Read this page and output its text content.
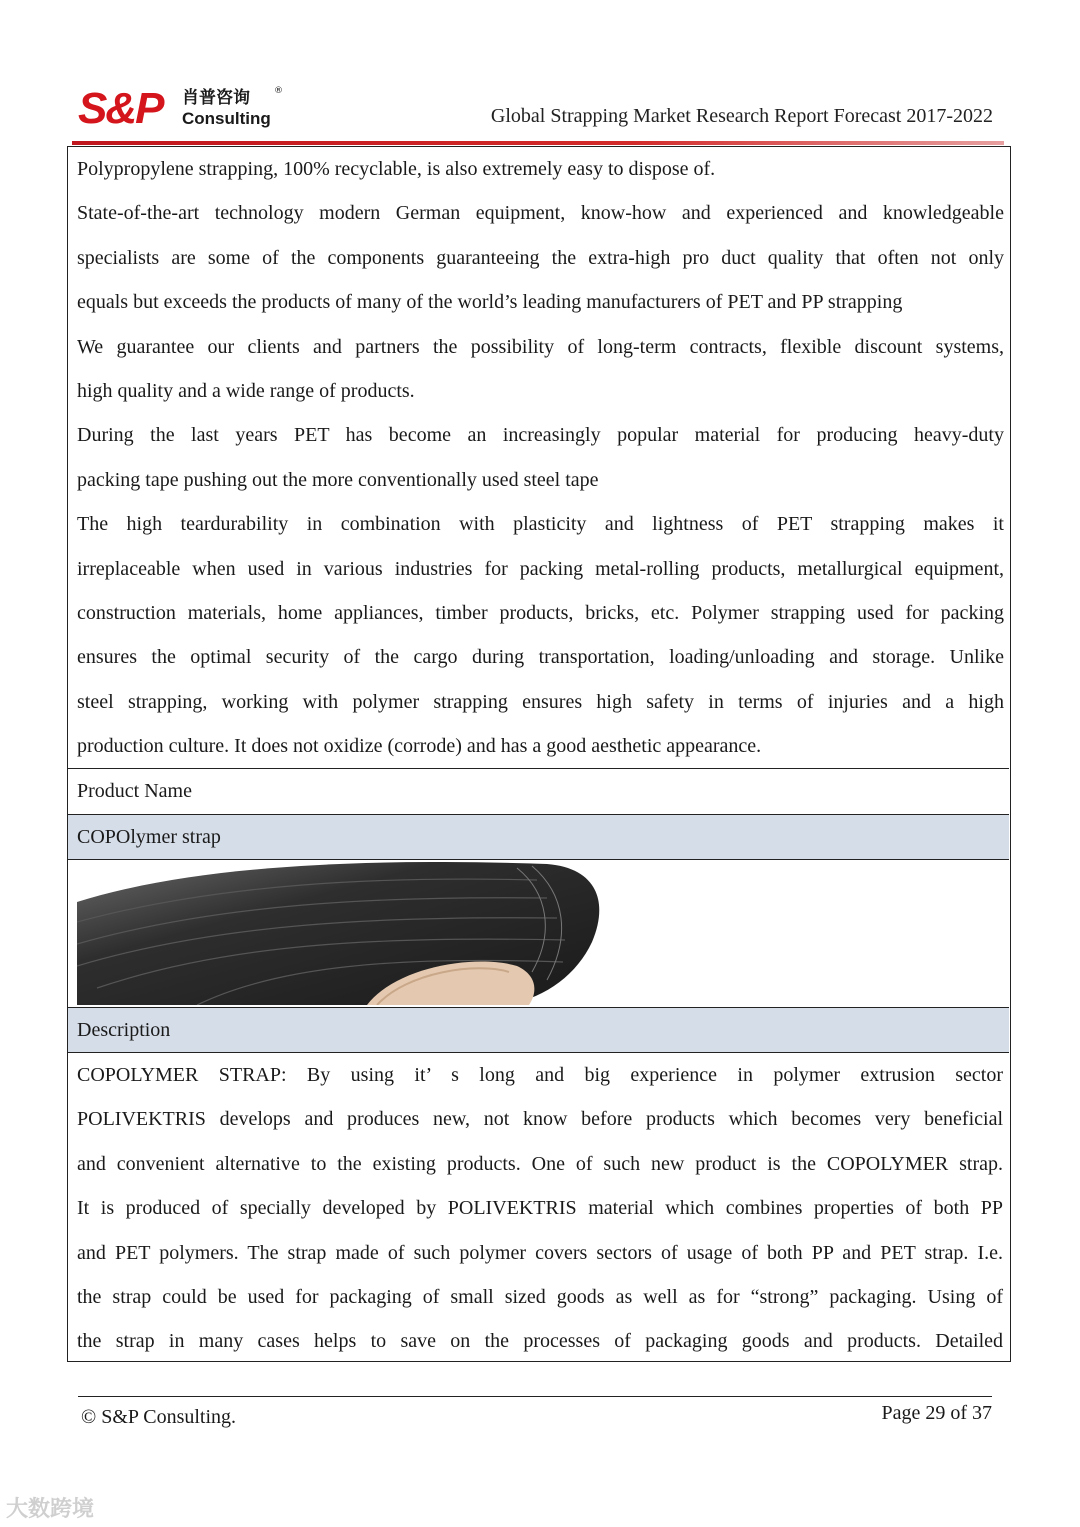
S&P 肖普咨询	®
Consulting	Global Strapping Market Research Report Forecast 2017-2022
Polypropylene strapping, 100% recyclable, is also extremely easy to dispose of.
State-of-the-art technology modern German equipment, know-how and experienced and knowledgeable
specialists are some of the components guaranteeing the extra-high pro duct quality that often not only
equals but exceeds the products of many of the world’s leading manufacturers of PET and PP strapping
We guarantee our clients and partners the possibility of long-term contracts, flexible discount systems,
high quality and a wide range of products.
During the last years PET has become an increasingly popular material for producing heavy-duty
packing tape pushing out the more conventionally used steel tape
The high teardurability in combination with plasticity and lightness of PET strapping makes it
irreplaceable when used in various industries for packing metal-rolling products, metallurgical equipment,
construction materials, home appliances, timber products, bricks, etc. Polymer strapping used for packing
ensures the optimal security of the cargo during transportation, loading/unloading and storage. Unlike
steel strapping, working with polymer strapping ensures high safety in terms of injuries and a high
production culture. It does not oxidize (corrode) and has a good aesthetic appearance.
Product Name
COPOlymer strap
Description
COPOLYMER STRAP: By using it’ s long and big experience in polymer extrusion sector
POLIVEKTRIS develops and produces new, not know before products which becomes very beneficial
and convenient alternative to the existing products. One of such new product is the COPOLYMER strap.
It is produced of specially developed by POLIVEKTRIS material which combines properties of both PP
and PET polymers. The strap made of such polymer covers sectors of usage of both PP and PET strap. I.e.
the strap could be used for packaging of small sized goods as well as for “strong” packaging. Using of
the strap in many cases helps to save on the processes of packaging goods and products. Detailed
© S&P Consulting.	Page 29 of 37
大数跨境
